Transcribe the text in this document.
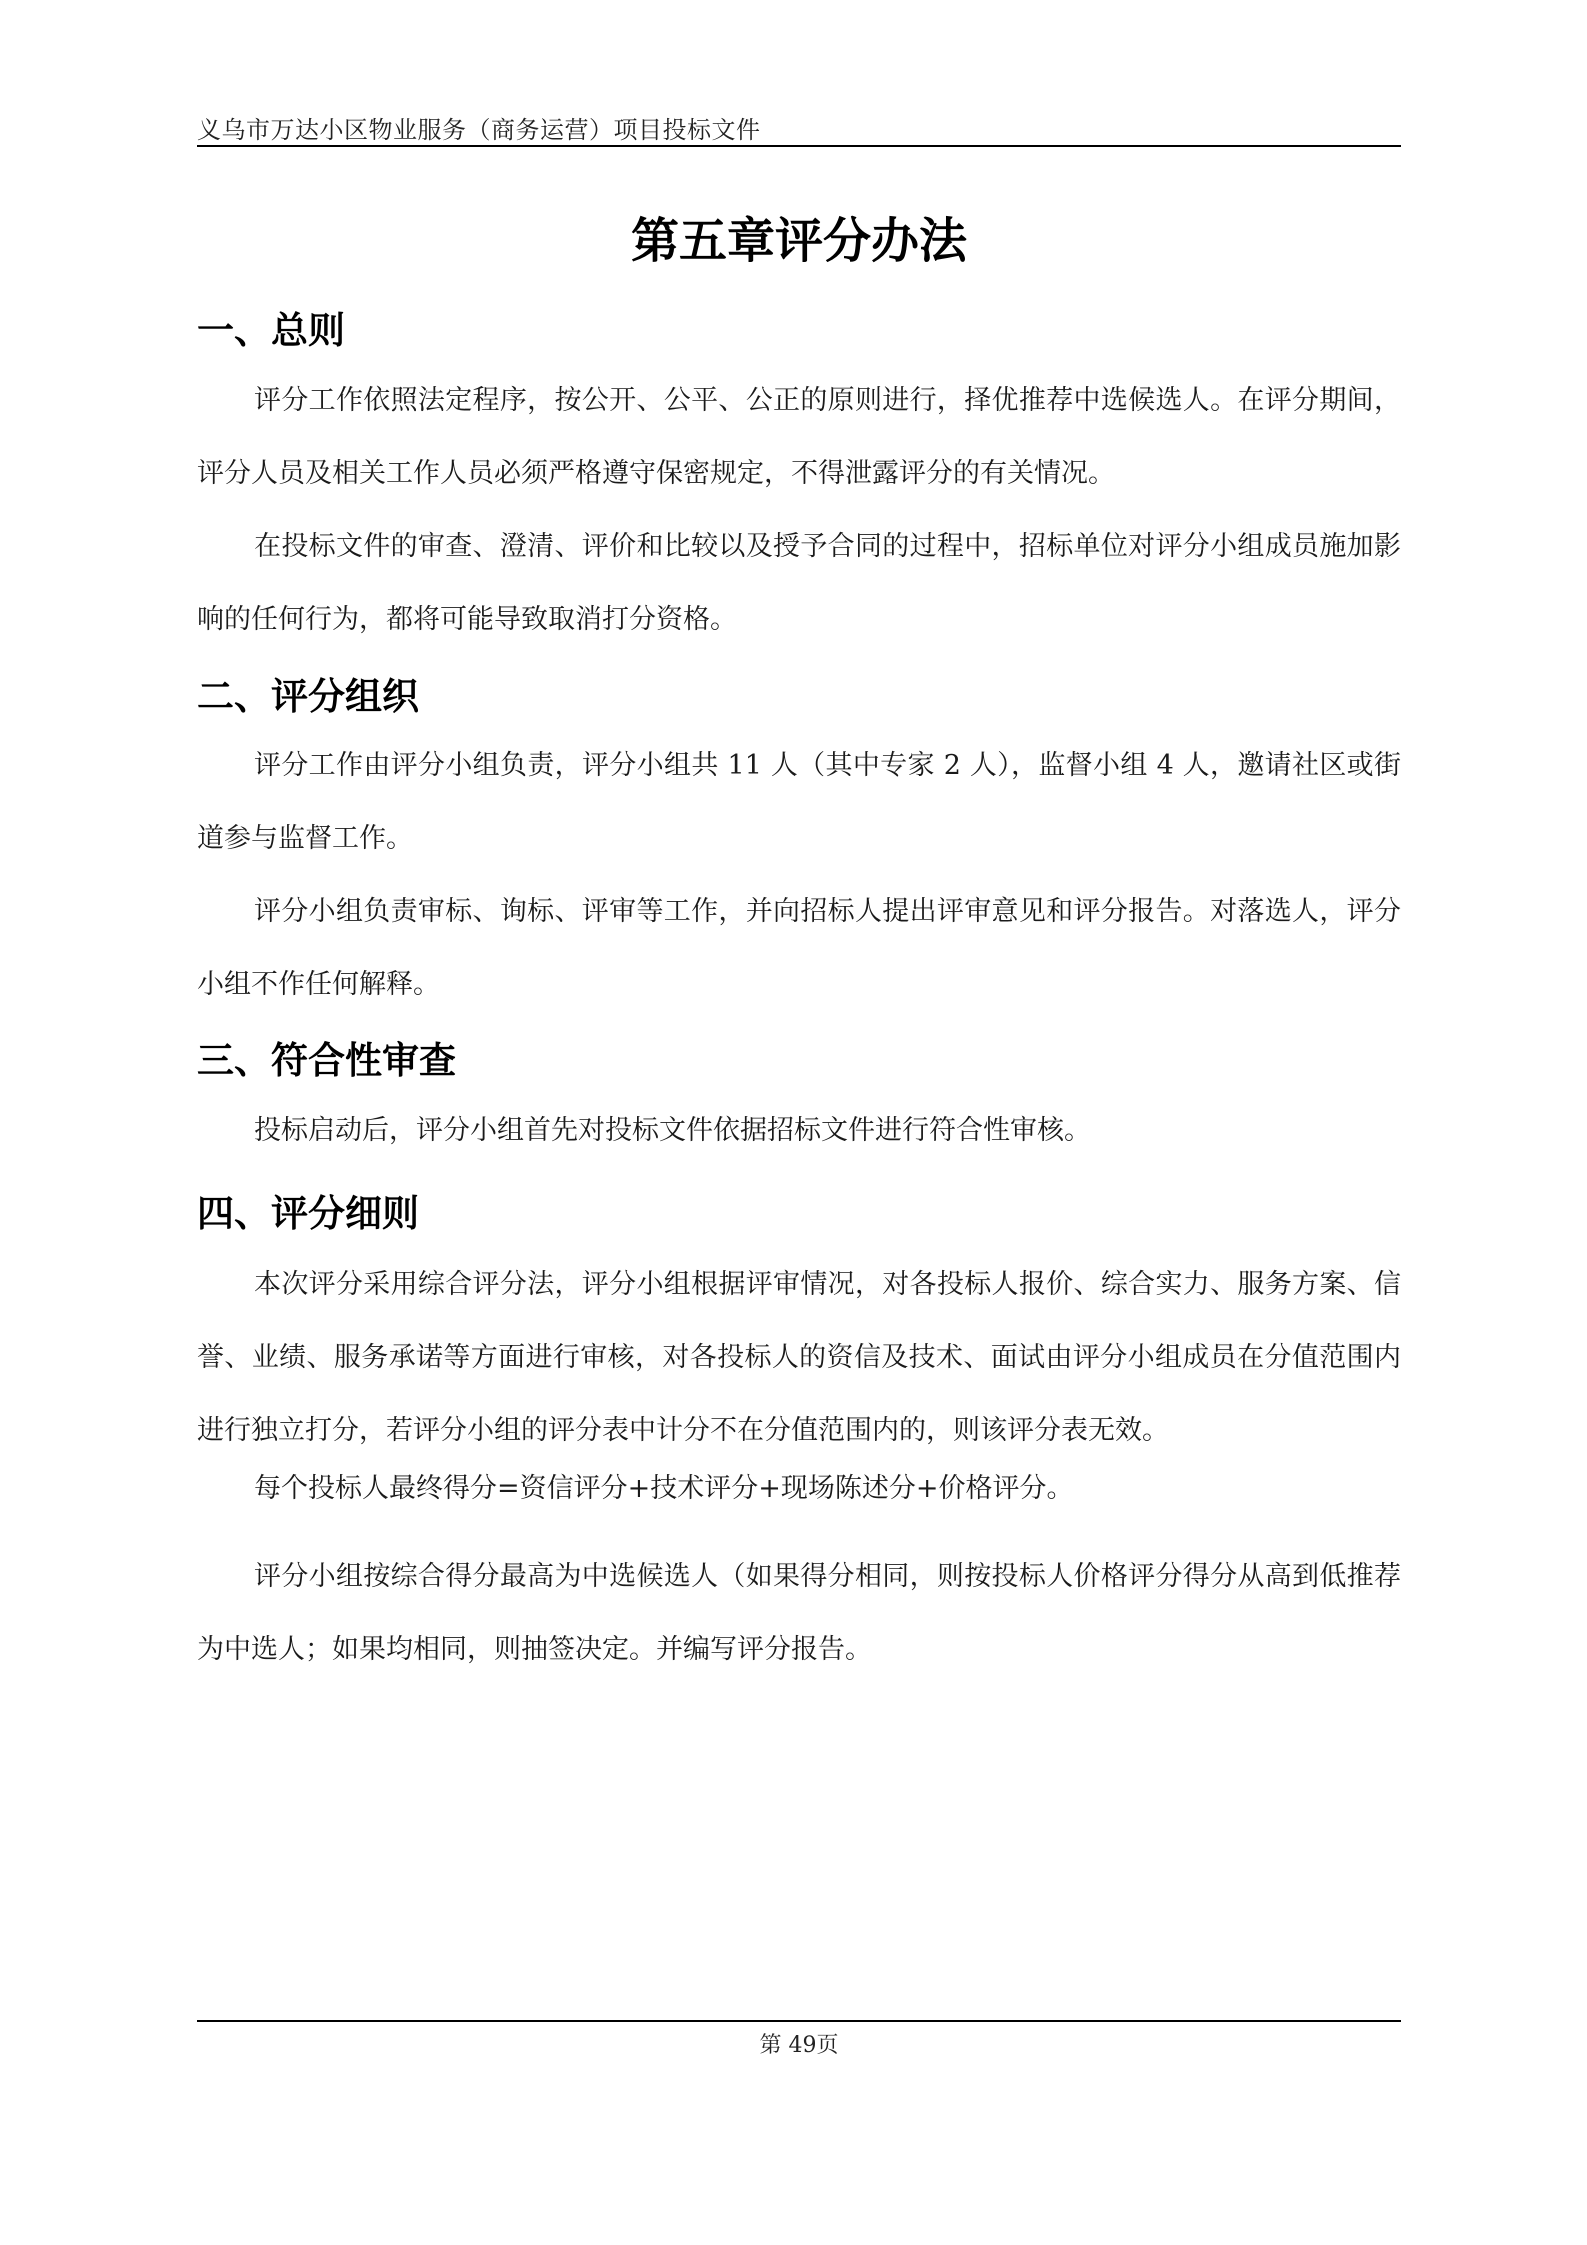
义乌市万达小区物业服务（商务运营）项目投标文件
第五章评分办法
一、总则
评分工作依照法定程序，按公开、公平、公正的原则进行，择优推荐中选候选人。在评分期间，评分人员及相关工作人员必须严格遵守保密规定，不得泄露评分的有关情况。
在投标文件的审查、澄清、评价和比较以及授予合同的过程中，招标单位对评分小组成员施加影响的任何行为，都将可能导致取消打分资格。
二、评分组织
评分工作由评分小组负责，评分小组共 11 人（其中专家 2 人），监督小组 4 人，邀请社区或街道参与监督工作。
评分小组负责审标、询标、评审等工作，并向招标人提出评审意见和评分报告。对落选人，评分小组不作任何解释。
三、符合性审查
投标启动后，评分小组首先对投标文件依据招标文件进行符合性审核。
四、评分细则
本次评分采用综合评分法，评分小组根据评审情况，对各投标人报价、综合实力、服务方案、信誉、业绩、服务承诺等方面进行审核，对各投标人的资信及技术、面试由评分小组成员在分值范围内进行独立打分，若评分小组的评分表中计分不在分值范围内的，则该评分表无效。
每个投标人最终得分=资信评分+技术评分+现场陈述分+价格评分。
评分小组按综合得分最高为中选候选人（如果得分相同，则按投标人价格评分得分从高到低推荐为中选人；如果均相同，则抽签决定。并编写评分报告。
第 49页
